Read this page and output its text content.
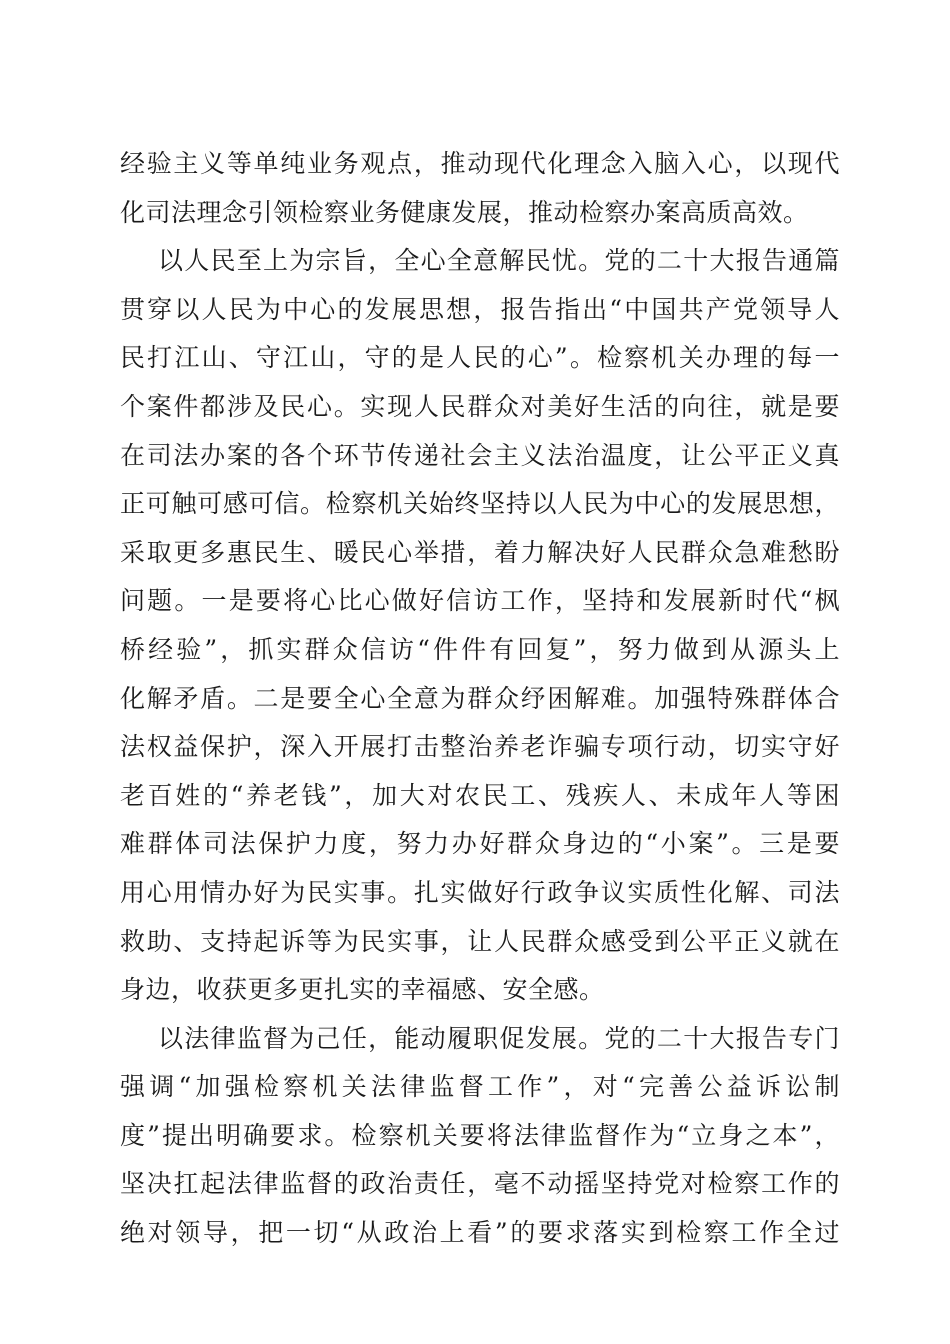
经验主义等单纯业务观点，推动现代化理念入脑入心，以现代
化司法理念引领检察业务健康发展，推动检察办案高质高效。
以人民至上为宗旨，全心全意解民忧。党的二十大报告通篇
贯穿以人民为中心的发展思想，报告指出“中国共产党领导人
民打江山、守江山，守的是人民的心”。检察机关办理的每一
个案件都涉及民心。实现人民群众对美好生活的向往，就是要
在司法办案的各个环节传递社会主义法治温度，让公平正义真
正可触可感可信。检察机关始终坚持以人民为中心的发展思想，
采取更多惠民生、暖民心举措，着力解决好人民群众急难愁盼
问题。一是要将心比心做好信访工作，坚持和发展新时代“枫
桥经验”，抓实群众信访“件件有回复”，努力做到从源头上
化解矛盾。二是要全心全意为群众纾困解难。加强特殊群体合
法权益保护，深入开展打击整治养老诈骗专项行动，切实守好
老百姓的“养老钱”，加大对农民工、残疾人、未成年人等困
难群体司法保护力度，努力办好群众身边的“小案”。三是要
用心用情办好为民实事。扎实做好行政争议实质性化解、司法
救助、支持起诉等为民实事，让人民群众感受到公平正义就在
身边，收获更多更扎实的幸福感、安全感。
以法律监督为己任，能动履职促发展。党的二十大报告专门
强调“加强检察机关法律监督工作”，对“完善公益诉讼制
度”提出明确要求。检察机关要将法律监督作为“立身之本”，
坚决扛起法律监督的政治责任，毫不动摇坚持党对检察工作的
绝对领导，把一切“从政治上看”的要求落实到检察工作全过
